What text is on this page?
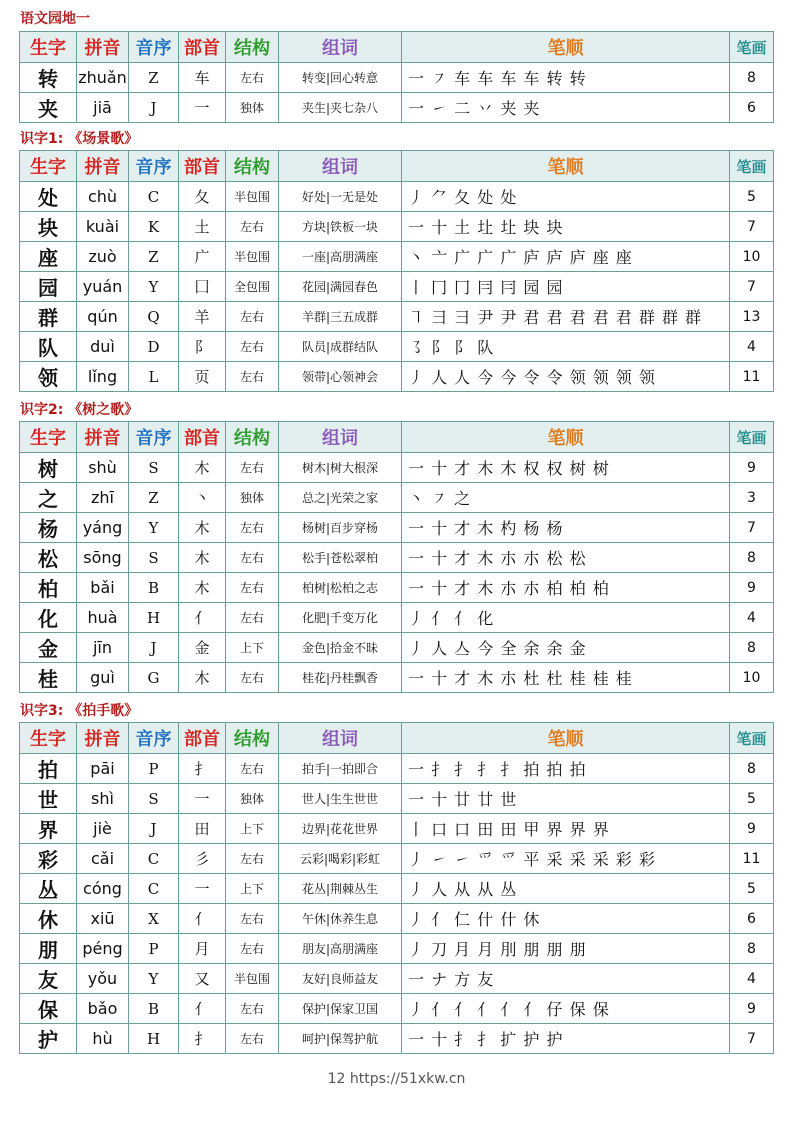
语文园地一
生字	拼音	音序	部首	结构	组词	笔顺	笔画
转	zhuǎn	Z	车	左右	转变|回心转意	一 ㇇ 车 车 车 车 转 转	8
夹	jiā	J	一	独体	夹生|夹七杂八	一 ㇀ 二 丷 夹 夹	6
识字1: 《场景歌》
生字	拼音	音序	部首	结构	组词	笔顺	笔画
处	chù	C	夂	半包围	好处|一无是处	丿 ⺈ 夂 处 处	5
块	kuài	K	土	左右	方块|铁板一块	一 十 土 圵 圵 块 块	7
座	zuò	Z	广	半包围	一座|高朋满座	丶 亠 广 广 广 庐 庐 庐 座 座	10
园	yuán	Y	囗	全包围	花园|满园春色	丨 冂 冂 冃 冃 园 园	7
群	qún	Q	羊	左右	羊群|三五成群	㇕ 彐 彐 尹 尹 君 君 君 君 君 群 群 群	13
队	duì	D	阝	左右	队员|成群结队	㇌ 阝 阝 队	4
领	lǐng	L	页	左右	领带|心领神会	丿 人 人 今 今 令 令 领 领 领 领	11
识字2: 《树之歌》
生字	拼音	音序	部首	结构	组词	笔顺	笔画
树	shù	S	木	左右	树木|树大根深	一 十 才 木 木 权 权 树 树	9
之	zhī	Z	丶	独体	总之|光荣之家	丶 ㇇ 之	3
杨	yáng	Y	木	左右	杨树|百步穿杨	一 十 才 木 杓 杨 杨	7
松	sōng	S	木	左右	松手|苍松翠柏	一 十 才 木 朩 朩 松 松	8
柏	bǎi	B	木	左右	柏树|松柏之志	一 十 才 木 朩 朩 柏 柏 柏	9
化	huà	H	亻	左右	化肥|千变万化	丿 亻 亻 化	4
金	jīn	J	金	上下	金色|拾金不昧	丿 人 亼 今 全 余 余 金	8
桂	guì	G	木	左右	桂花|丹桂飘香	一 十 才 木 朩 杜 杜 桂 桂 桂	10
识字3: 《拍手歌》
生字	拼音	音序	部首	结构	组词	笔顺	笔画
拍	pāi	P	扌	左右	拍手|一拍即合	一 扌 扌 扌 扌 拍 拍 拍	8
世	shì	S	一	独体	世人|生生世世	一 十 廿 廿 世	5
界	jiè	J	田	上下	边界|花花世界	丨 口 口 田 田 甲 界 界 界	9
彩	cǎi	C	彡	左右	云彩|喝彩|彩虹	丿 ㇀ ㇀ 爫 爫 平 采 采 采 彩 彩	11
丛	cóng	C	一	上下	花丛|荆棘丛生	丿 人 从 从 丛	5
休	xiū	X	亻	左右	午休|休养生息	丿 亻 仁 什 什 休	6
朋	péng	P	月	左右	朋友|高朋满座	丿 刀 月 月 刖 朋 朋 朋	8
友	yǒu	Y	又	半包围	友好|良师益友	一 ナ 方 友	4
保	bǎo	B	亻	左右	保护|保家卫国	丿 亻 亻 亻 亻 亻 仔 保 保	9
护	hù	H	扌	左右	呵护|保驾护航	一 十 扌 扌 扩 护 护	7
12 https://51xkw.cn
